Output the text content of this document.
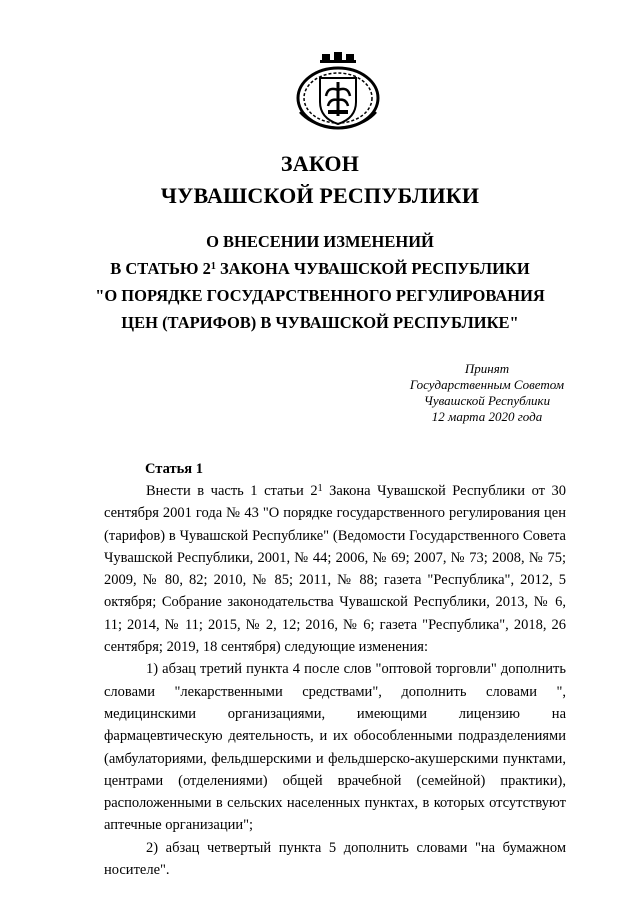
ЗАКОН
ЧУВАШСКОЙ РЕСПУБЛИКИ
О ВНЕСЕНИИ ИЗМЕНЕНИЙ
В СТАТЬЮ $2^1$ ЗАКОНА ЧУВАШСКОЙ РЕСПУБЛИКИ
"О ПОРЯДКЕ ГОСУДАРСТВЕННОГО РЕГУЛИРОВАНИЯ
ЦЕН (ТАРИФОВ) В ЧУВАШСКОЙ РЕСПУБЛИКЕ"
Принят
Государственным Советом
Чувашской Республики
12 марта 2020 года
Статья 1

Внести в часть 1 статьи $2^1$ Закона Чувашской Республики от 30 сентября 2001 года № 43 "О порядке государственного регулирования цен (тарифов) в Чувашской Республике" (Ведомости Государственного Совета Чувашской Республики, 2001, № 44; 2006, № 69; 2007, № 73; 2008, № 75; 2009, № 80, 82; 2010, № 85; 2011, № 88; газета "Республика", 2012, 5 октября; Собрание законодательства Чувашской Республики, 2013, № 6, 11; 2014, № 11; 2015, № 2, 12; 2016, № 6; газета "Республика", 2018, 26 сентября; 2019, 18 сентября) следующие изменения:

1) абзац третий пункта 4 после слов "оптовой торговли" дополнить словами "лекарственными средствами", дополнить словами ", медицинскими организациями, имеющими лицензию на фармацевтическую деятельность, и их обособленными подразделениями (амбулаториями, фельдшерскими и фельдшерско-акушерскими пунктами, центрами (отделениями) общей врачебной (семейной) практики), расположенными в сельских населенных пунктах, в которых отсутствуют аптечные организации";

2) абзац четвертый пункта 5 дополнить словами "на бумажном носителе".
